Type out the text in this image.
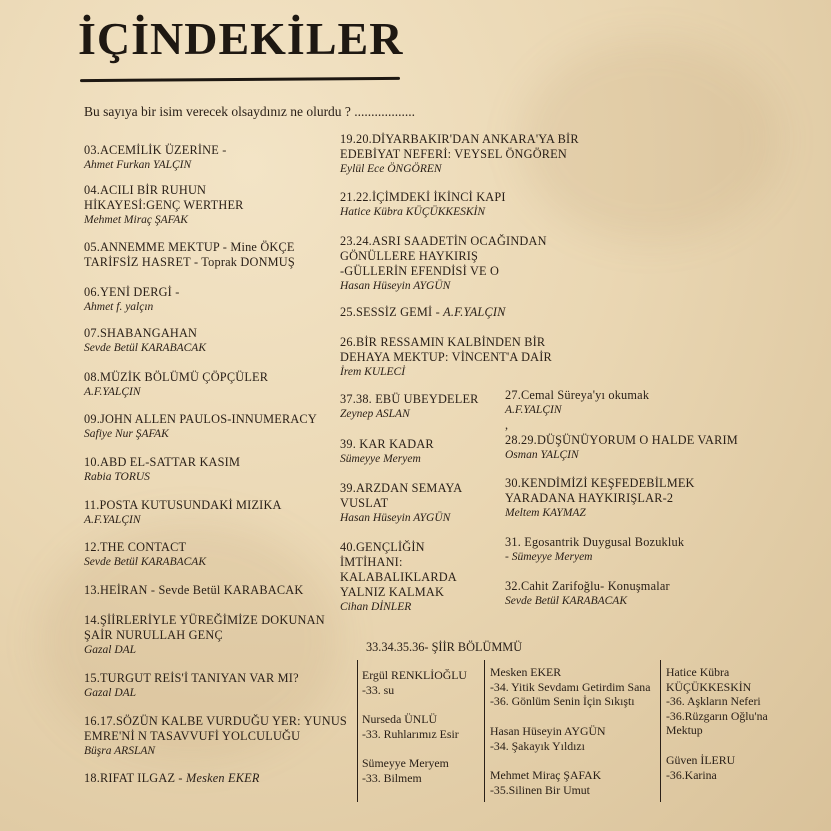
İÇİNDEKİLER
Bu sayıya bir isim verecek olsaydınız ne olurdu ? ..................
03.ACEMİLİK ÜZERİNE -
Ahmet Furkan YALÇIN
04.ACILI BİR RUHUN
HİKAYESİ:GENÇ WERTHER
Mehmet Miraç ŞAFAK
05.ANNEMME MEKTUP - Mine ÖKÇE
TARİFSİZ HASRET - Toprak DONMUŞ
06.YENİ DERGİ -
Ahmet f. yalçın
07.SHABANGAHAN
Sevde Betül KARABACAK
08.MÜZİK BÖLÜMÜ ÇÖPÇÜLER
A.F.YALÇIN
09.JOHN ALLEN PAULOS-INNUMERACY
Safiye Nur ŞAFAK
10.ABD EL-SATTAR KASIM
Rabia TORUS
11.POSTA KUTUSUNDAKİ MIZIKA
A.F.YALÇIN
12.THE CONTACT
Sevde Betül KARABACAK
13.HEİRAN - Sevde Betül KARABACAK
14.ŞİİRLERİYLE YÜREĞİMİZE DOKUNAN
ŞAİR NURULLAH GENÇ
Gazal DAL
15.TURGUT REİS'İ TANIYAN VAR MI?
Gazal DAL
16.17.SÖZÜN KALBE VURDUĞU YER: YUNUS
EMRE'Nİ N TASAVVUFİ YOLCULUĞU
Büşra ARSLAN
18.RIFAT ILGAZ - Mesken EKER
19.20.DİYARBAKIR'DAN ANKARA'YA BİR
EDEBİYAT NEFERİ: VEYSEL ÖNGÖREN
Eylül Ece ÖNGÖREN
21.22.İÇİMDEKİ İKİNCİ KAPI
Hatice Kübra KÜÇÜKKESKİN
23.24.ASRI SAADETİN OCAĞINDAN
GÖNÜLLERE HAYKIRIŞ
-GÜLLERİN EFENDİSİ VE O
Hasan Hüseyin AYGÜN
25.SESSİZ GEMİ - A.F.YALÇIN
26.BİR RESSAMIN KALBİNDEN BİR
DEHAYA MEKTUP: VİNCENT'A DAİR
İrem KULECİ
37.38. EBÜ UBEYDELER
Zeynep ASLAN
39. KAR KADAR
Sümeyye Meryem
39.ARZDAN SEMAYA
VUSLAT
Hasan Hüseyin AYGÜN
40.GENÇLİĞİN
İMTİHANI:
KALABALIKLARDA
YALNIZ KALMAK
Cihan DİNLER
27.Cemal Süreya'yı okumak
A.F.YALÇIN
,
28.29.DÜŞÜNÜYORUM O HALDE VARIM
Osman YALÇIN
30.KENDİMİZİ KEŞFEDEBİLMEK
YARADANA HAYKIRIŞLAR-2
Meltem KAYMAZ
31. Egosantrik Duygusal Bozukluk
- Sümeyye Meryem
32.Cahit Zarifoğlu- Konuşmalar
Sevde Betül KARABACAK
33.34.35.36- ŞİİR BÖLÜMMÜ
Ergül RENKLİOĞLU
-33. su
Nurseda ÜNLÜ
-33. Ruhlarımız Esir
Sümeyye Meryem
-33. Bilmem
Mesken EKER
-34. Yitik Sevdamı Getirdim Sana
-36. Gönlüm Senin İçin Sıkıştı
Hasan Hüseyin AYGÜN
-34. Şakayık Yıldızı
Mehmet Miraç ŞAFAK
-35.Silinen Bir Umut
Hatice Kübra
KÜÇÜKKESKİN
-36. Aşkların Neferi
-36.Rüzgarın Oğlu'na
Mektup
Güven İLERU
-36.Karina
